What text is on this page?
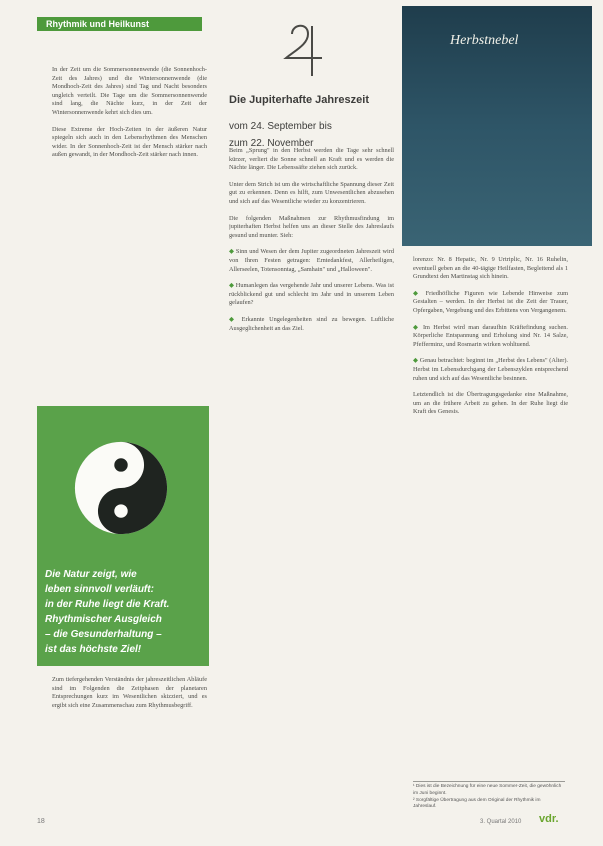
Rhythmik und Heilkunst

In der Zeit um die Sommersonnenwende (die Sonnenhoch-Zeit des Jahres) und die Wintersonnenwende (die Mondhoch-Zeit des Jahres) sind Tag und Nacht besonders ungleich verteilt. Die Tage um die Sommersonnenwende sind lang, die Nächte kurz, in der Zeit der Wintersonnenwende kehrt sich dies um.

Diese Extreme der Hoch-Zeiten in der äußeren Natur spiegeln sich auch in den Lebensrhythmen des Menschen wider. In der Sonnenhoch-Zeit ist der Mensch stärker nach außen gewandt, in der Mondhoch-Zeit stärker nach innen.

Die Natur zeigt, wie
leben sinnvoll verläuft:
in der Ruhe liegt die Kraft.
Rhythmischer Ausgleich
– die Gesunderhaltung –
ist das höchste Ziel!

Zum tiefergehenden Verständnis der jahreszeitlichen Abläufe sind im Folgenden die Zeitphasen der planetaren Entsprechungen kurz im Wesentlichen skizziert, und es ergibt sich eine Zusammenschau zum Rhythmusbegriff.

Die Jupiterhafte Jahreszeit
vom 24. September bis
zum 22. November

Beim „Sprung" in den Herbst werden die Tage sehr schnell kürzer, verliert die Sonne schnell an Kraft und es werden die Nächte länger. Die Lebenssäfte ziehen sich zurück.

Unter dem Strich ist um die wirtschaftliche Spannung dieser Zeit gut zu erkennen. Denn es hilft, zum Unwesentlichen abzusehen und sich auf das Wesentliche wieder zu konzentrieren.

Die folgenden Maßnahmen zur Rhythmusfindung im jupiterhaften Herbst helfen uns an dieser Stelle des Jahreslaufs gesund und munter. Sieh:

◆ Sinn und Wesen der dem Jupiter zugeordneten Jahreszeit wird von Ihren Festen getragen: Erntedankfest, Allerheiligen, Allerseelen, Totensonntag, „Samhain" und „Halloween".
◆ Humanlegen das vergehende Jahr und unserer Lebens. Was ist rückblickend gut und schlecht im Jahr und in unserem Leben gelaufen?
◆ Erkannte Ungelegenheiten sind zu bewegen. Luftliche Ausgeglichenheit an das Ziel.
Herbstnebel

lorenzo: Nr. 8 Hepatic, Nr. 9 Urtriplic, Nr. 16 Ruhelin, eventuell geben an die 40-tägige Heilfasten, Begleitend als 1 Grundtext den Martinstag sich hinein.

◆ Friedhöfliche Figuren wie Lebende Hinweise zum Gestalten – werden. In der Herbst ist die Zeit der Trauer, Opfergaben, Vergebung und des Erbittens von Vergangenem.
◆ Im Herbst wird man daraufhin Kräftefindung suchen. Körperliche Entspannung und Erholung sind Nr. 14 Salze, Pfefferminz, und Rosmarin wirken wohltuend.
◆ Genau betrachtet: beginnt im „Herbst des Lebens" (Alter). Herbst im Lebensdurchgang der Lebenszyklen entsprechend ruhen und sich auf das Wesentliche besinnen.

Letztendlich ist die Übertragungsgedanke eine Maßnahme, um an die frühere Arbeit zu gehen. In der Ruhe liegt die Kraft des Genesis.

¹ Dies ist die Bezeichnung für eine neue Sommer-Zeit, die gewöhnlich im Juni beginnt.
² Sorgfältige Übertragung aus dem Original der Rhythmik im Jahreslauf.
18	3. Quartal 2010 vdr.
